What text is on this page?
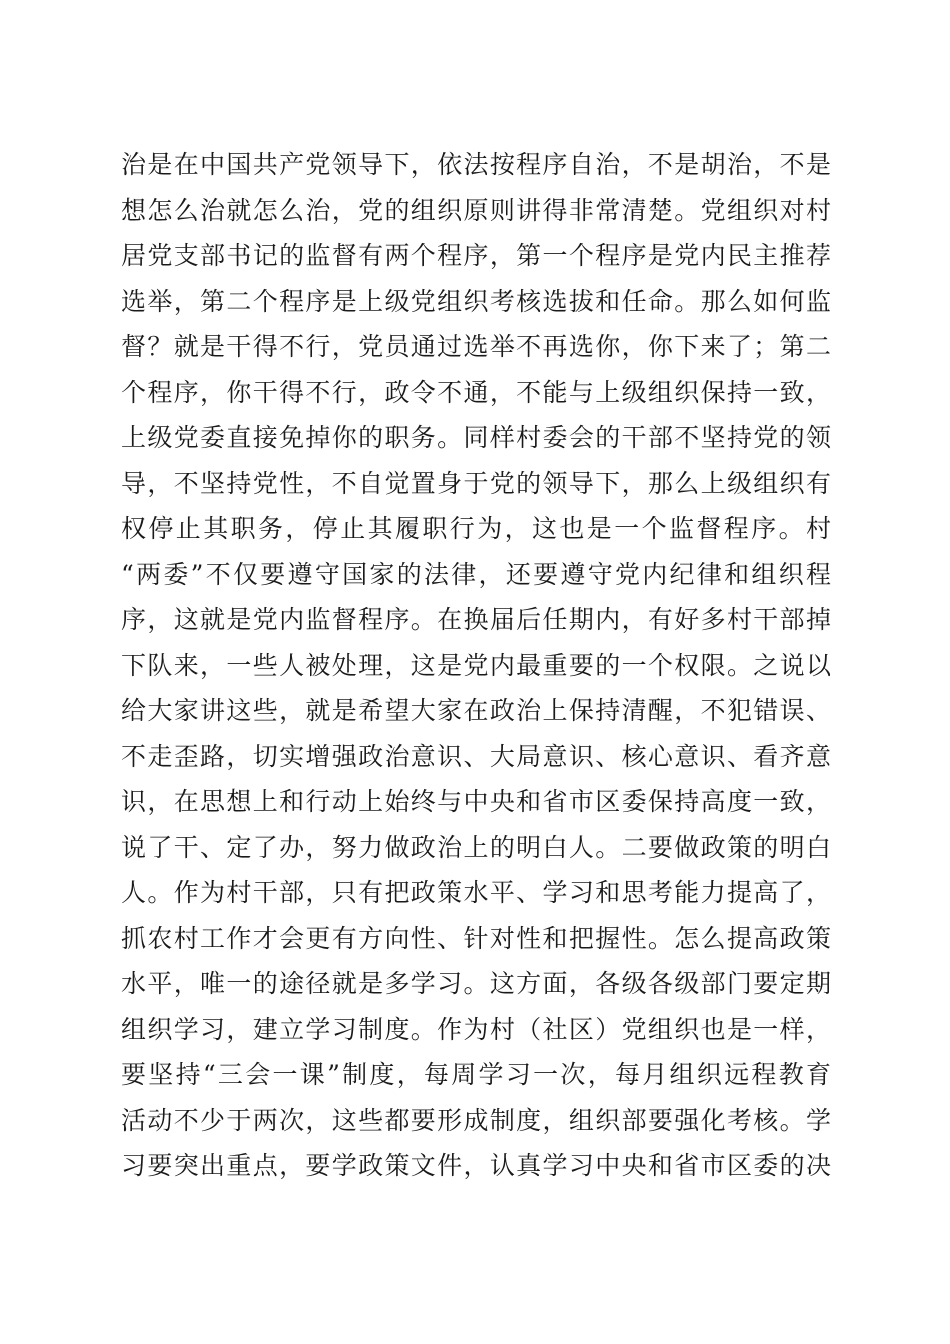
治是在中国共产党领导下，依法按程序自治，不是胡治，不是
想怎么治就怎么治，党的组织原则讲得非常清楚。党组织对村
居党支部书记的监督有两个程序，第一个程序是党内民主推荐
选举，第二个程序是上级党组织考核选拔和任命。那么如何监
督？就是干得不行，党员通过选举不再选你，你下来了；第二
个程序，你干得不行，政令不通，不能与上级组织保持一致，
上级党委直接免掉你的职务。同样村委会的干部不坚持党的领
导，不坚持党性，不自觉置身于党的领导下，那么上级组织有
权停止其职务，停止其履职行为，这也是一个监督程序。村
“两委”不仅要遵守国家的法律，还要遵守党内纪律和组织程
序，这就是党内监督程序。在换届后任期内，有好多村干部掉
下队来，一些人被处理，这是党内最重要的一个权限。之说以
给大家讲这些，就是希望大家在政治上保持清醒，不犯错误、
不走歪路，切实增强政治意识、大局意识、核心意识、看齐意
识，在思想上和行动上始终与中央和省市区委保持高度一致，
说了干、定了办，努力做政治上的明白人。二要做政策的明白
人。作为村干部，只有把政策水平、学习和思考能力提高了，
抓农村工作才会更有方向性、针对性和把握性。怎么提高政策
水平，唯一的途径就是多学习。这方面，各级各级部门要定期
组织学习，建立学习制度。作为村（社区）党组织也是一样，
要坚持“三会一课”制度，每周学习一次，每月组织远程教育
活动不少于两次，这些都要形成制度，组织部要强化考核。学
习要突出重点，要学政策文件，认真学习中央和省市区委的决
